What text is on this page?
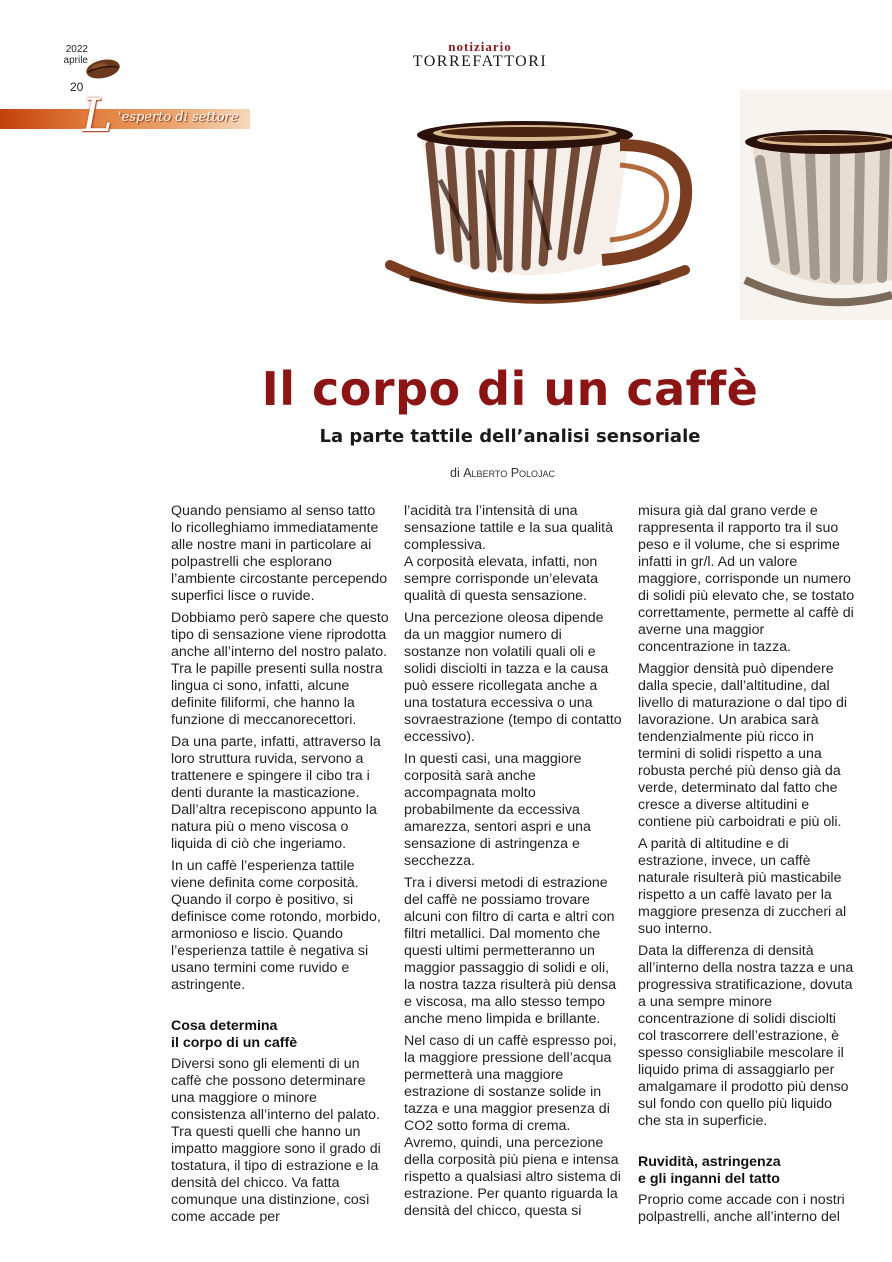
2022
aprile
20
notiziario
TORREFATTORI
L 'esperto di settore
Il corpo di un caffè
La parte tattile dell’analisi sensoriale
di Alberto Polojac

Quando pensiamo al senso tatto lo ricolleghiamo immediatamente alle nostre mani in particolare ai polpastrelli che esplorano l’ambiente circostante percependo superfici lisce o ruvide.

Dobbiamo però sapere che questo tipo di sensazione viene riprodotta anche all’interno del nostro palato. Tra le papille presenti sulla nostra lingua ci sono, infatti, alcune definite filiformi, che hanno la funzione di meccanorecettori.

Da una parte, infatti, attraverso la loro struttura ruvida, servono a trattenere e spingere il cibo tra i denti durante la masticazione. Dall’altra recepiscono appunto la natura più o meno viscosa o liquida di ciò che ingeriamo.

In un caffè l’esperienza tattile viene definita come corposità. Quando il corpo è positivo, si definisce come rotondo, morbido, armonioso e liscio. Quando l’esperienza tattile è negativa si usano termini come ruvido e astringente.

Cosa determina
il corpo di un caffè

Diversi sono gli elementi di un caffè che possono determinare una maggiore o minore consistenza all’interno del palato. Tra questi quelli che hanno un impatto maggiore sono il grado di tostatura, il tipo di estrazione e la densità del chicco. Va fatta comunque una distinzione, così come accade per

l’acidità tra l’intensità di una sensazione tattile e la sua qualità complessiva.

A corposità elevata, infatti, non sempre corrisponde un’elevata qualità di questa sensazione.

Una percezione oleosa dipende da un maggior numero di sostanze non volatili quali oli e solidi disciolti in tazza e la causa può essere ricollegata anche a una tostatura eccessiva o una sovraestrazione (tempo di contatto eccessivo).

In questi casi, una maggiore corposità sarà anche accompagnata molto probabilmente da eccessiva amarezza, sentori aspri e una sensazione di astringenza e secchezza.

Tra i diversi metodi di estrazione del caffè ne possiamo trovare alcuni con filtro di carta e altri con filtri metallici. Dal momento che questi ultimi permetteranno un maggior passaggio di solidi e oli, la nostra tazza risulterà più densa e viscosa, ma allo stesso tempo anche meno limpida e brillante.

Nel caso di un caffè espresso poi, la maggiore pressione dell’acqua permetterà una maggiore estrazione di sostanze solide in tazza e una maggior presenza di CO2 sotto forma di crema. Avremo, quindi, una percezione della corposità più piena e intensa rispetto a qualsiasi altro sistema di estrazione. Per quanto riguarda la densità del chicco, questa si

misura già dal grano verde e rappresenta il rapporto tra il suo peso e il volume, che si esprime infatti in gr/l. Ad un valore maggiore, corrisponde un numero di solidi più elevato che, se tostato correttamente, permette al caffè di averne una maggior concentrazione in tazza.

Maggior densità può dipendere dalla specie, dall’altitudine, dal livello di maturazione o dal tipo di lavorazione. Un arabica sarà tendenzialmente più ricco in termini di solidi rispetto a una robusta perché più denso già da verde, determinato dal fatto che cresce a diverse altitudini e contiene più carboidrati e più oli.

A parità di altitudine e di estrazione, invece, un caffè naturale risulterà più masticabile rispetto a un caffè lavato per la maggiore presenza di zuccheri al suo interno.

Data la differenza di densità all’interno della nostra tazza e una progressiva stratificazione, dovuta a una sempre minore concentrazione di solidi disciolti col trascorrere dell’estrazione, è spesso consigliabile mescolare il liquido prima di assaggiarlo per amalgamare il prodotto più denso sul fondo con quello più liquido che sta in superficie.

Ruvidità, astringenza
e gli inganni del tatto

Proprio come accade con i nostri polpastrelli, anche all’interno del
